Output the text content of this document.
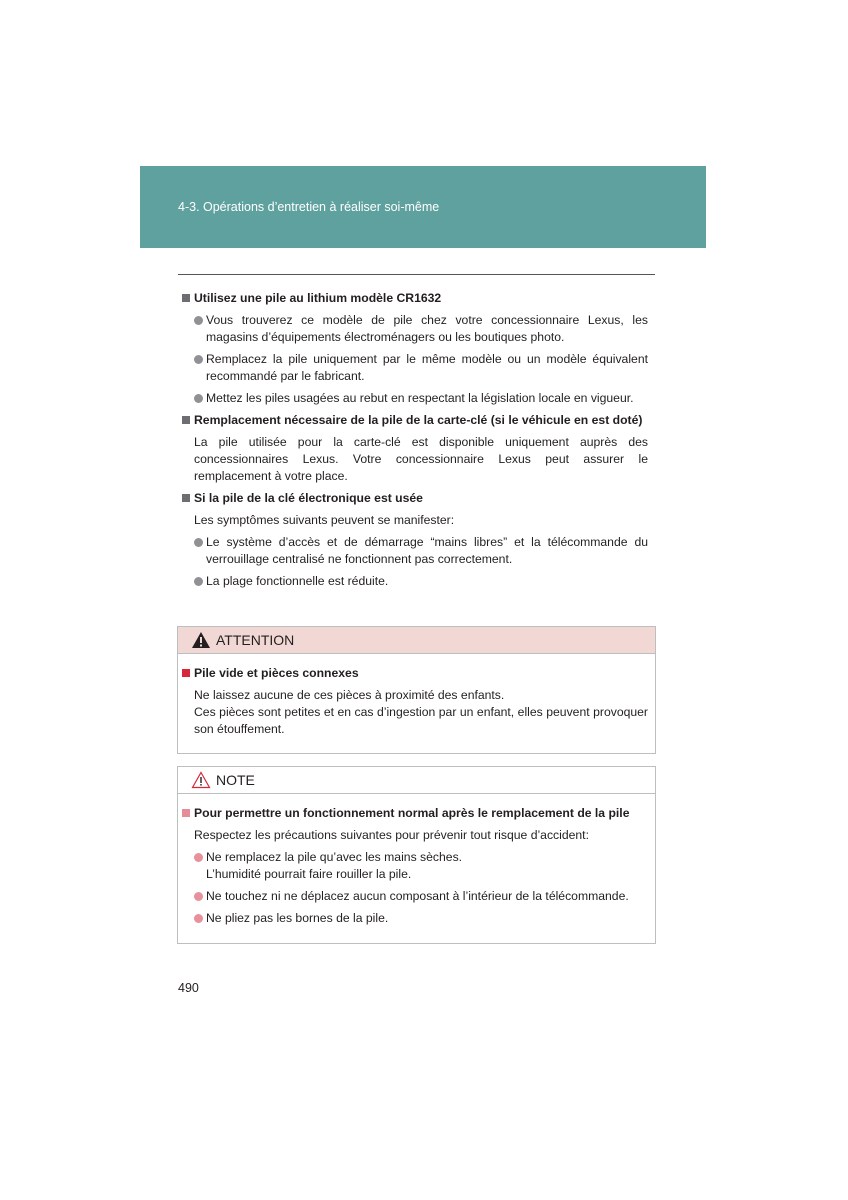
4-3. Opérations d’entretien à réaliser soi-même
Utilisez une pile au lithium modèle CR1632
Vous trouverez ce modèle de pile chez votre concessionnaire Lexus, les magasins d’équipements électroménagers ou les boutiques photo.
Remplacez la pile uniquement par le même modèle ou un modèle équivalent recommandé par le fabricant.
Mettez les piles usagées au rebut en respectant la législation locale en vigueur.
Remplacement nécessaire de la pile de la carte-clé (si le véhicule en est doté)
La pile utilisée pour la carte-clé est disponible uniquement auprès des concessionnaires Lexus. Votre concessionnaire Lexus peut assurer le remplacement à votre place.
Si la pile de la clé électronique est usée
Les symptômes suivants peuvent se manifester:
Le système d’accès et de démarrage “mains libres” et la télécommande du verrouillage centralisé ne fonctionnent pas correctement.
La plage fonctionnelle est réduite.
ATTENTION
Pile vide et pièces connexes
Ne laissez aucune de ces pièces à proximité des enfants.
Ces pièces sont petites et en cas d’ingestion par un enfant, elles peuvent provoquer son étouffement.
NOTE
Pour permettre un fonctionnement normal après le remplacement de la pile
Respectez les précautions suivantes pour prévenir tout risque d’accident:
Ne remplacez la pile qu’avec les mains sèches.
L’humidité pourrait faire rouiller la pile.
Ne touchez ni ne déplacez aucun composant à l’intérieur de la télécommande.
Ne pliez pas les bornes de la pile.
490
